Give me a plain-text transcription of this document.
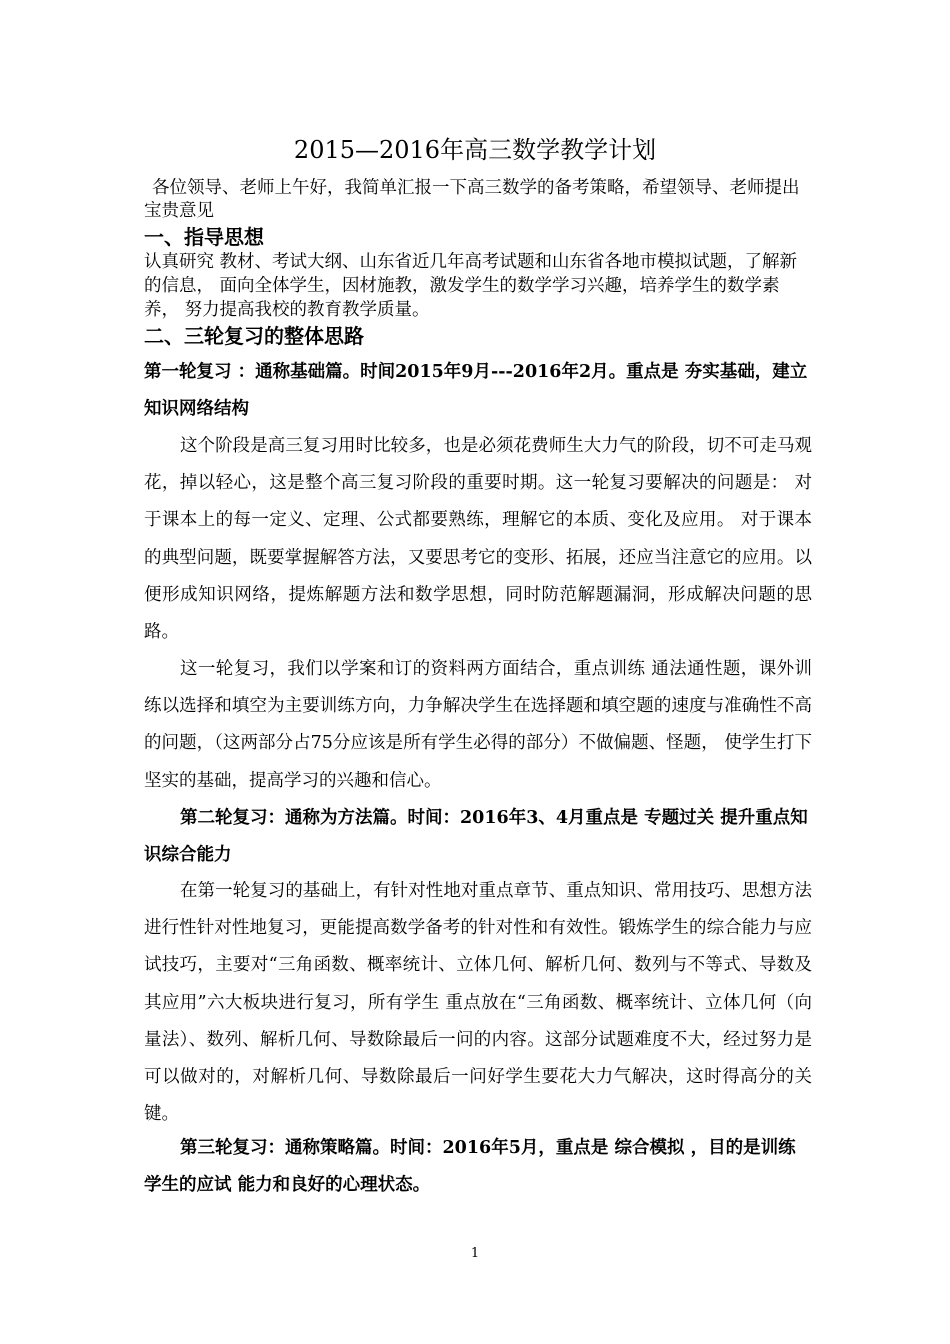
2015—2016年高三数学教学计划
各位领导、老师上午好，我简单汇报一下高三数学的备考策略，希望领导、老师提出宝贵意见
一、指导思想
认真研究 教材、考试大纲、山东省近几年高考试题和山东省各地市模拟试题，了解新的信息， 面向全体学生，因材施教，激发学生的数学学习兴趣，培养学生的数学素养， 努力提高我校的教育教学质量。
二、三轮复习的整体思路
第一轮复习 ：通称基础篇。时间2015年9月---2016年2月。重点是 夯实基础，建立知识网络结构
这个阶段是高三复习用时比较多，也是必须花费师生大力气的阶段，切不可走马观花，掉以轻心，这是整个高三复习阶段的重要时期。这一轮复习要解决的问题是： 对于课本上的每一定义、定理、公式都要熟练，理解它的本质、变化及应用。 对于课本的典型问题，既要掌握解答方法，又要思考它的变形、拓展，还应当注意它的应用。以便形成知识网络，提炼解题方法和数学思想，同时防范解题漏洞，形成解决问题的思路。
这一轮复习，我们以学案和订的资料两方面结合，重点训练 通法通性题，课外训练以选择和填空为主要训练方向，力争解决学生在选择题和填空题的速度与准确性不高的问题，（这两部分占75分应该是所有学生必得的部分）不做偏题、怪题， 使学生打下坚实的基础，提高学习的兴趣和信心。
第二轮复习：通称为方法篇。时间：2016年3、4月重点是 专题过关 提升重点知识综合能力
在第一轮复习的基础上，有针对性地对重点章节、重点知识、常用技巧、思想方法进行性针对性地复习，更能提高数学备考的针对性和有效性。锻炼学生的综合能力与应试技巧，主要对“三角函数、概率统计、立体几何、解析几何、数列与不等式、导数及其应用”六大板块进行复习，所有学生 重点放在“三角函数、概率统计、立体几何（向量法）、数列、解析几何、导数除最后一问的内容。这部分试题难度不大，经过努力是可以做对的，对解析几何、导数除最后一问好学生要花大力气解决，这时得高分的关键。
第三轮复习：通称策略篇。时间：2016年5月，重点是 综合模拟 ，目的是训练学生的应试 能力和良好的心理状态。
1
